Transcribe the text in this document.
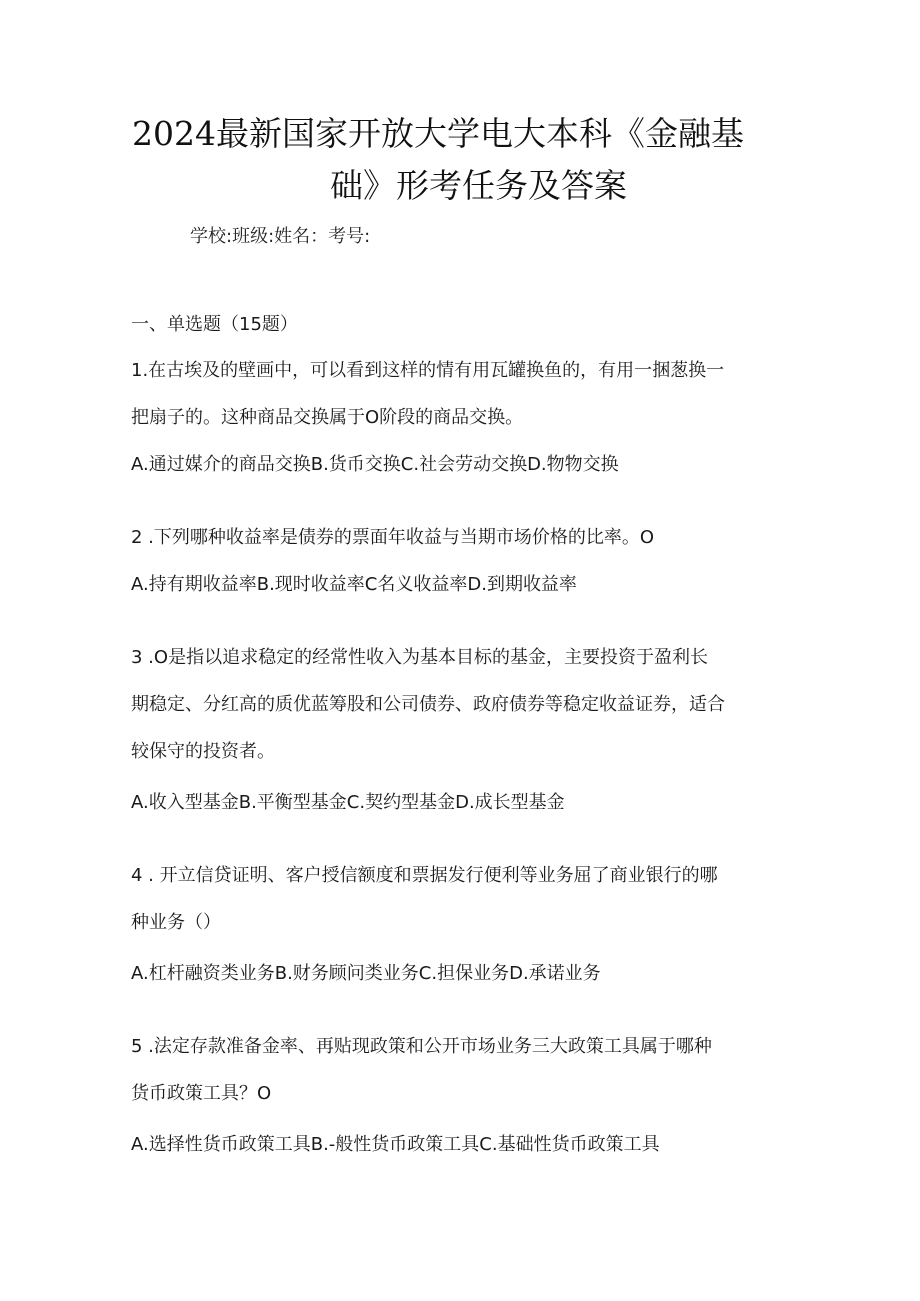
2024最新国家开放大学电大本科《金融基
础》形考任务及答案
学校:班级:姓名：考号:
一、单选题（15题）
1.在古埃及的壁画中，可以看到这样的情有用瓦罐换鱼的，有用一捆葱换一
把扇子的。这种商品交换属于O阶段的商品交换。
A.通过媒介的商品交换B.货币交换C.社会劳动交换D.物物交换
2 .下列哪种收益率是债券的票面年收益与当期市场价格的比率。O
A.持有期收益率B.现时收益率C名义收益率D.到期收益率
3 .O是指以追求稳定的经常性收入为基本目标的基金，主要投资于盈利长
期稳定、分红高的质优蓝筹股和公司债券、政府债券等稳定收益证券，适合
较保守的投资者。
A.收入型基金B.平衡型基金C.契约型基金D.成长型基金
4 . 开立信贷证明、客户授信额度和票据发行便利等业务屈了商业银行的哪
种业务（）
A.杠杆融资类业务B.财务顾问类业务C.担保业务D.承诺业务
5 .法定存款准备金率、再贴现政策和公开市场业务三大政策工具属于哪种
货币政策工具？O
A.选择性货币政策工具B.-般性货币政策工具C.基础性货币政策工具
